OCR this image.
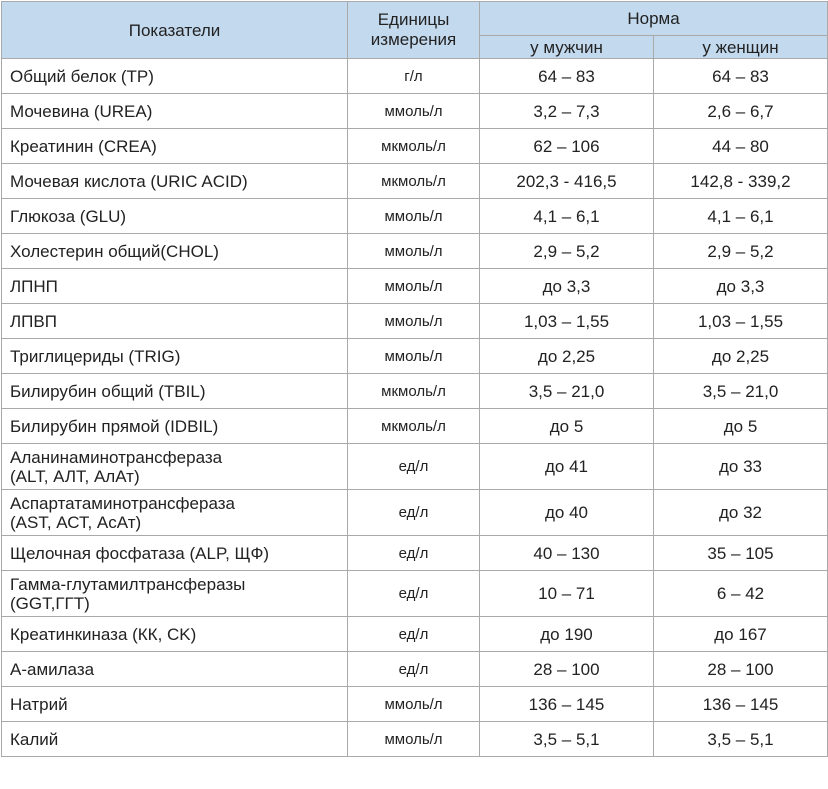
Показатели	Единицы измерения	Норма	
		у мужчин	у женщин
Общий белок (TP)	г/л	64 – 83	64 – 83
Мочевина (UREA)	ммоль/л	3,2 – 7,3	2,6 – 6,7
Креатинин (CREA)	мкмоль/л	62 – 106	44 – 80
Мочевая кислота (URIC ACID)	мкмоль/л	202,3 - 416,5	142,8 - 339,2
Глюкоза (GLU)	ммоль/л	4,1 – 6,1	4,1 – 6,1
Холестерин общий(CHOL)	ммоль/л	2,9 – 5,2	2,9 – 5,2
ЛПНП	ммоль/л	до 3,3	до 3,3
ЛПВП	ммоль/л	1,03 – 1,55	1,03 – 1,55
Триглицериды (TRIG)	ммоль/л	до 2,25	до 2,25
Билирубин общий (TBIL)	мкмоль/л	3,5 – 21,0	3,5 – 21,0
Билирубин прямой (IDBIL)	мкмоль/л	до 5	до 5
Аланинаминотрансфераза
(ALT, АЛТ, АлАт)	ед/л	до 41	до 33
Аспартатаминотрансфераза
(AST, АСТ, АсАт)	ед/л	до 40	до 32
Щелочная фосфатаза (ALP, ЩФ)	ед/л	40 – 130	35 – 105
Гамма-глутамилтрансферазы
(GGT,ГГТ)	ед/л	10 – 71	6 – 42
Креатинкиназа (КК, CK)	ед/л	до 190	до 167
А-амилаза	ед/л	28 – 100	28 – 100
Натрий	ммоль/л	136 – 145	136 – 145
Калий	ммоль/л	3,5 – 5,1	3,5 – 5,1
